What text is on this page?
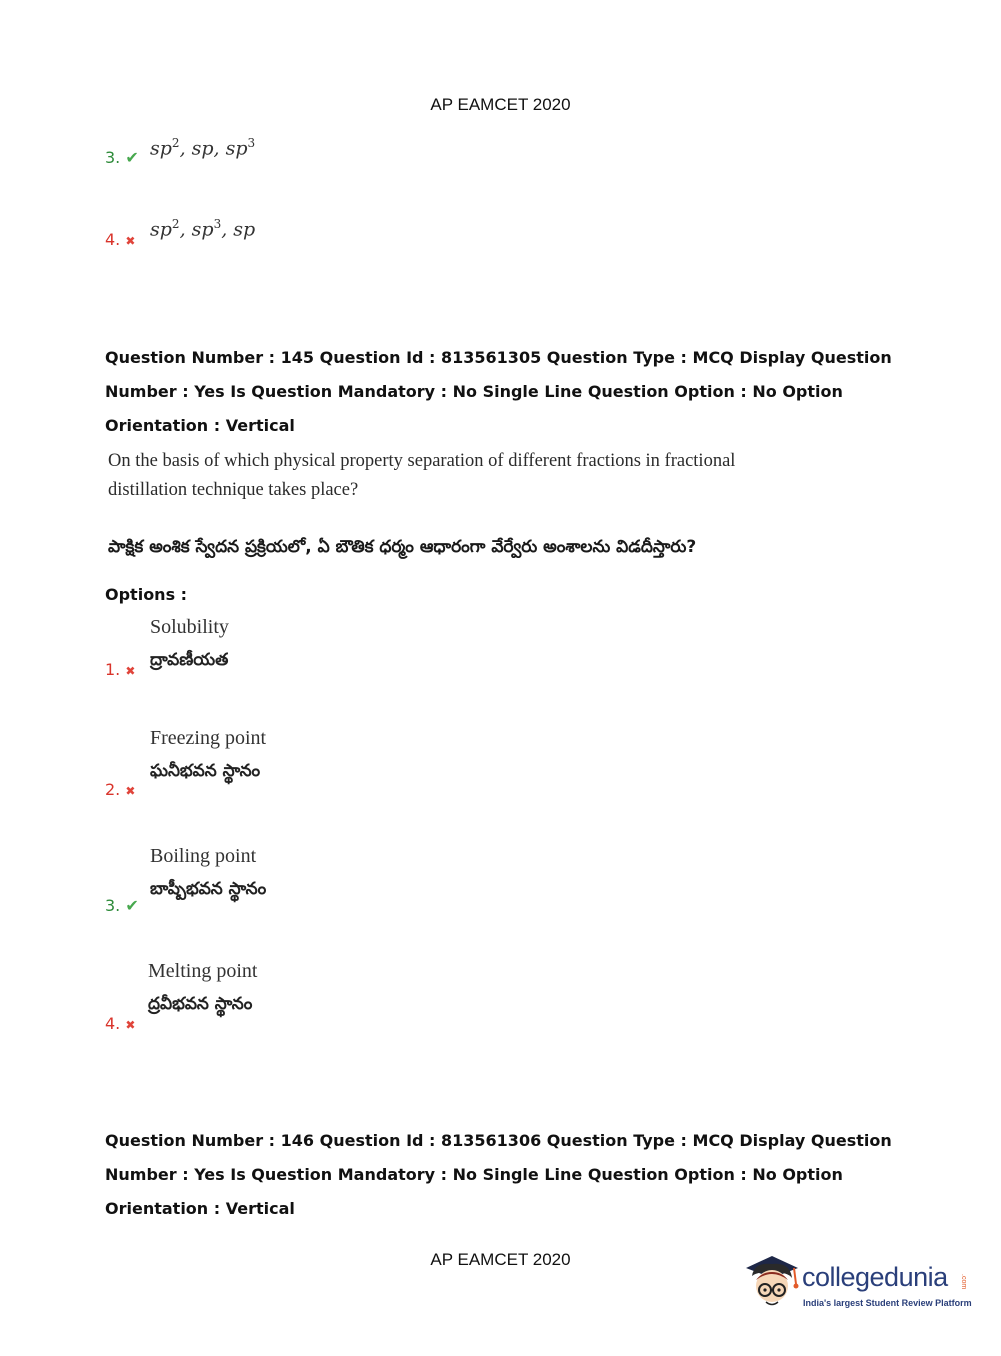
AP EAMCET 2020
3. ✔ $sp^2$, sp, $sp^3$
4. ✖
$sp^2$, $sp^3$, sp
Question Number : 145 Question Id : 813561305 Question Type : MCQ Display Question
Number : Yes Is Question Mandatory : No Single Line Question Option : No Option
Orientation : Vertical
On the basis of which physical property separation of different fractions in fractional
distillation technique takes place?
పాక్షిక అంశిక స్వేదన ప్రక్రియలో, ఏ బౌతిక ధర్మం ఆధారంగా వేర్వేరు అంశాలను విడదీస్తారు?
Options :
Solubility
ద్రావణీయత
1. ✖
Freezing point
ఘనీభవన స్థానం
2. ✖
Boiling point
బాష్పీభవన స్థానం
3. ✔
Melting point
ద్రవీభవన స్థానం
4. ✖
Question Number : 146 Question Id : 813561306 Question Type : MCQ Display Question
Number : Yes Is Question Mandatory : No Single Line Question Option : No Option
Orientation : Vertical
AP EAMCET 2020
collegedunia .com
India's largest Student Review Platform
